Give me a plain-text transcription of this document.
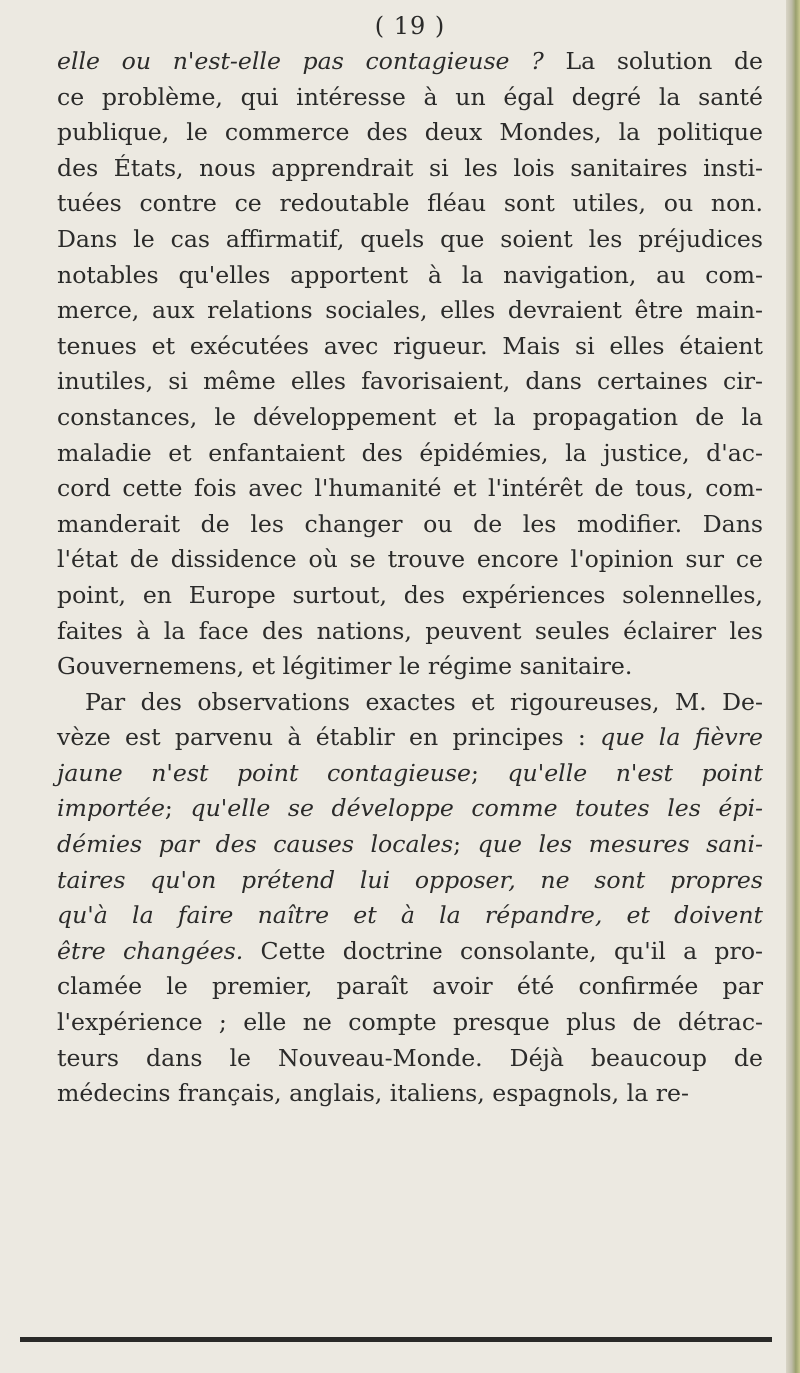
( 19 )
elle ou n'est-elle pas contagieuse ? La solution de
ce problème, qui intéresse à un égal degré la santé
publique, le commerce des deux Mondes, la politique
des États, nous apprendrait si les lois sanitaires insti-
tuées contre ce redoutable fléau sont utiles, ou non.
Dans le cas affirmatif, quels que soient les préjudices
notables qu'elles apportent à la navigation, au com-
merce, aux relations sociales, elles devraient être main-
tenues et exécutées avec rigueur. Mais si elles étaient
inutiles, si même elles favorisaient, dans certaines cir-
constances, le développement et la propagation de la
maladie et enfantaient des épidémies, la justice, d'ac-
cord cette fois avec l'humanité et l'intérêt de tous, com-
manderait de les changer ou de les modifier. Dans
l'état de dissidence où se trouve encore l'opinion sur ce
point, en Europe surtout, des expériences solennelles,
faites à la face des nations, peuvent seules éclairer les
Gouvernemens, et légitimer le régime sanitaire.
Par des observations exactes et rigoureuses, M. De-
vèze est parvenu à établir en principes : que la fièvre
jaune n'est point contagieuse; qu'elle n'est point
importée; qu'elle se développe comme toutes les épi-
démies par des causes locales; que les mesures sani-
taires qu'on prétend lui opposer, ne sont propres
qu'à la faire naître et à la répandre, et doivent
être changées. Cette doctrine consolante, qu'il a pro-
clamée le premier, paraît avoir été confirmée par
l'expérience ; elle ne compte presque plus de détrac-
teurs dans le Nouveau-Monde. Déjà beaucoup de
médecins français, anglais, italiens, espagnols, la re-
